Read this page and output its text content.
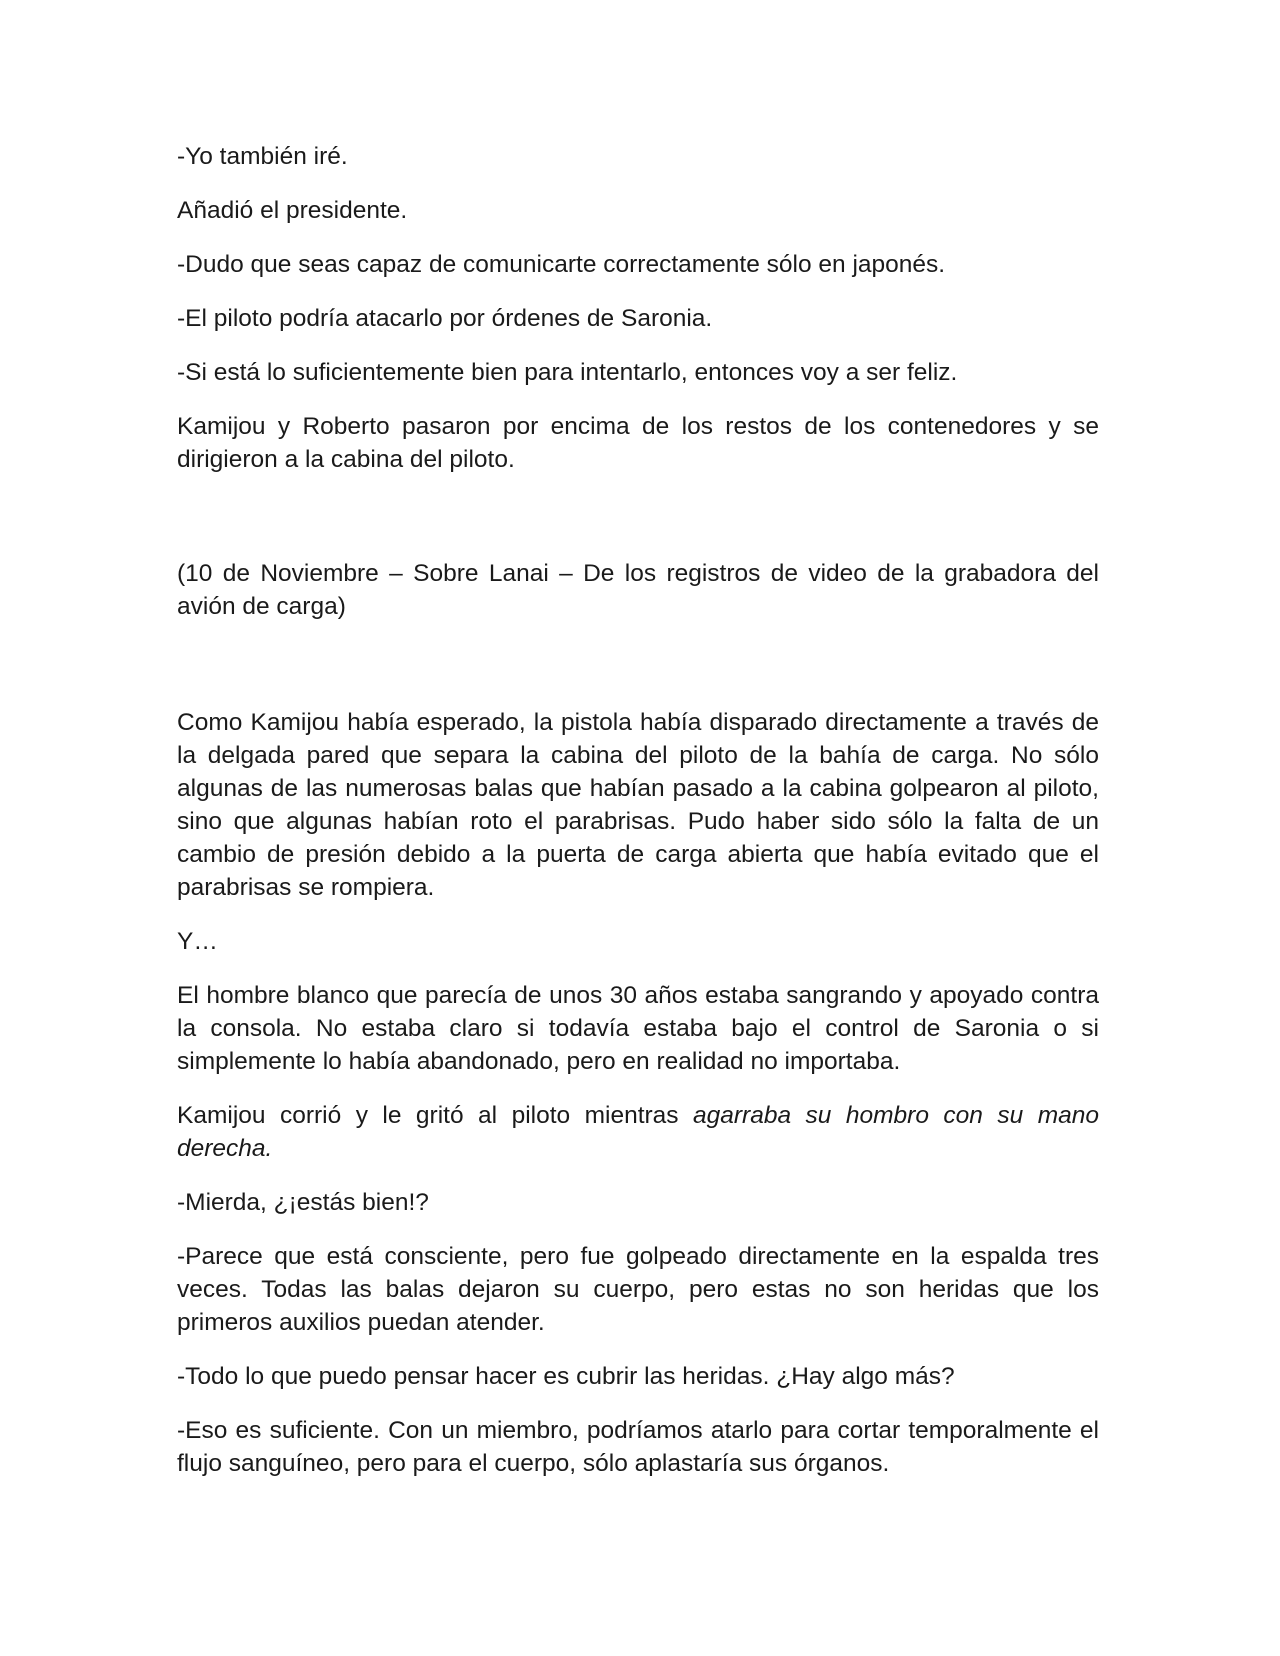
-Yo también iré.

Añadió el presidente.

-Dudo que seas capaz de comunicarte correctamente sólo en japonés.

-El piloto podría atacarlo por órdenes de Saronia.

-Si está lo suficientemente bien para intentarlo, entonces voy a ser feliz.

Kamijou y Roberto pasaron por encima de los restos de los contenedores y se dirigieron a la cabina del piloto.

(10 de Noviembre – Sobre Lanai – De los registros de video de la grabadora del avión de carga)

Como Kamijou había esperado, la pistola había disparado directamente a través de la delgada pared que separa la cabina del piloto de la bahía de carga. No sólo algunas de las numerosas balas que habían pasado a la cabina golpearon al piloto, sino que algunas habían roto el parabrisas. Pudo haber sido sólo la falta de un cambio de presión debido a la puerta de carga abierta que había evitado que el parabrisas se rompiera.

Y…

El hombre blanco que parecía de unos 30 años estaba sangrando y apoyado contra la consola. No estaba claro si todavía estaba bajo el control de Saronia o si simplemente lo había abandonado, pero en realidad no importaba.

Kamijou corrió y le gritó al piloto mientras agarraba su hombro con su mano derecha.

-Mierda, ¿¡estás bien!?

-Parece que está consciente, pero fue golpeado directamente en la espalda tres veces. Todas las balas dejaron su cuerpo, pero estas no son heridas que los primeros auxilios puedan atender.

-Todo lo que puedo pensar hacer es cubrir las heridas. ¿Hay algo más?

-Eso es suficiente. Con un miembro, podríamos atarlo para cortar temporalmente el flujo sanguíneo, pero para el cuerpo, sólo aplastaría sus órganos.
